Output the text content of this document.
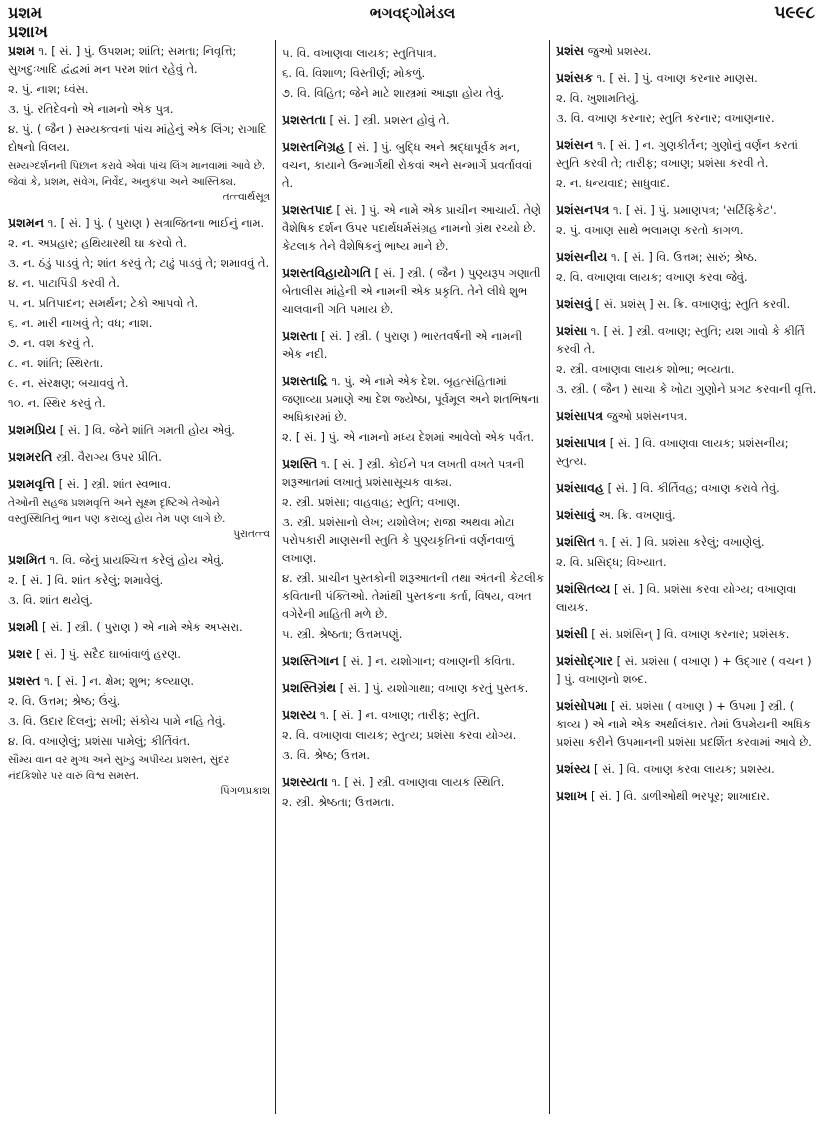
પ્રશમ
પ્રશાખ
ભગવદ્ગોમંડલ	૫૯૯૮

પ્રશમ ૧. [ સં. ] પું. ઉપશમ; શાંતિ; સમતા; નિવૃત્તિ; સુખદુઃખાદિ દ્વંદ્વમાં મન પરમ શાંત રહેવું તે.

૨. પું. નાશ; ધ્વંસ.

૩. પું. રતિદેવનો એ નામનો એક પુત્ર.

૪. પું. ( જૈન ) સમ્યક્ત્વનાં પાંચ માંહેનું એક લિંગ; રાગાદિ દોષનો વિલય.

સમ્યગ્દર્શનની પિછાન કરાવે એવાં પાંચ લિંગ માનવામાં આવે છે. જેવાં કે, પ્રશમ, સંવેગ, નિર્વેદ, અનુકંપા અને આસ્તિક્ય.

તત્ત્વાર્થસૂત્ર

પ્રશમન ૧. [ સં. ] પું. ( પુરાણ ) સત્રાજિતના ભાઈનું નામ.

૨. ન. અપ્રહાર; હથિયારથી ઘા કરવો તે.

૩. ન. ઠંડું પાડવું તે; શાંત કરવું તે; ટાઢું પાડવું તે; શમાવવું તે.

૪. ન. પાટાપિંડી કરવી તે.

૫. ન. પ્રતિપાદન; સમર્થન; ટેકો આપવો તે.

૬. ન. મારી નાખવું તે; વધ; નાશ.

૭. ન. વશ કરવું તે.

૮. ન. શાંતિ; સ્થિરતા.

૯. ન. સંરક્ષણ; બચાવવું તે.

૧૦. ન. સ્થિર કરવું તે.

પ્રશમપ્રિય [ સં. ] વિ. જેને શાંતિ ગમતી હોય એવું.

પ્રશમરતિ સ્ત્રી. વૈરાગ્ય ઉપર પ્રીતિ.

પ્રશમવૃત્તિ [ સં. ] સ્ત્રી. શાંત સ્વભાવ.

તેઓની સહજ પ્રશમવૃત્તિ અને સૂક્ષ્મ દૃષ્ટિએ તેઓને વસ્તુસ્થિતિનું ભાન પણ કરાવ્યું હોય તેમ પણ લાગે છે.

પુરાતત્ત્વ

પ્રશમિત ૧. વિ. જેનું પ્રાયશ્ચિત્ત કરેલું હોય એવું.

૨. [ સં. ] વિ. શાંત કરેલું; શમાવેલું.

૩. વિ. શાંત થયેલું.

પ્રશમી [ સં. ] સ્ત્રી. ( પુરાણ ) એ નામે એક અપ્સરા.

પ્રશર [ સં. ] પું. સદૈદ ઘાબાંવાળું હરણ.

પ્રશસ્ત ૧. [ સં. ] ન. ક્ષેમ; શુભ; કલ્યાણ.

૨. વિ. ઉત્તમ; શ્રેષ્ઠ; ઉંચું.

૩. વિ. ઉદાર દિલનું; સખી; સંકોચ પામે નહિ તેવું.

૪. વિ. વખાણેલું; પ્રશંસા પામેલું; કીર્તિવંત.

સૌમ્ય વાન વર મુગ્ધ અને સુખ્ડુ અપીચ્ય પ્રશસ્ત, સુંદર નંદકિશોર પર વારું વિશ્વ સમસ્ત.

પિંગળપ્રકાશ

૫. વિ. વખાણવા લાયક; સ્તુતિપાત્ર.

૬. વિ. વિશાળ; વિસ્તીર્ણ; મોકળું.

૭. વિ. વિહિત; જેને માટે શાસ્ત્રમાં આજ્ઞા હોય તેવું.

પ્રશસ્તતા [ સં. ] સ્ત્રી. પ્રશસ્ત હોવું તે.

પ્રશસ્તનિગ્રહ [ સં. ] પું. બુદ્ધિ અને શ્રદ્ધાપૂર્વક મન, વચન, કાયાને ઉન્માર્ગથી રોકવાં અને સન્માર્ગે પ્રવર્તાવવાં તે.

પ્રશસ્તપાદ [ સં. ] પું. એ નામે એક પ્રાચીન આચાર્ય. તેણે વૈશેષિક દર્શન ઉપર પદાર્થધર્મસંગ્રહ નામનો ગ્રંથ રચ્યો છે. કેટલાક તેને વૈશેષિકનું ભાષ્ય માને છે.

પ્રશસ્તવિહાયોગતિ [ સં. ] સ્ત્રી. ( જૈન ) પુણ્યરૂપ ગણાતી બેતાલીસ માંહેની એ નામની એક પ્રકૃતિ. તેને લીધે શુભ ચાલવાની ગતિ પમાય છે.

પ્રશસ્તા [ સં. ] સ્ત્રી. ( પુરાણ ) ભારતવર્ષની એ નામની એક નદી.

પ્રશસ્તાદ્રિ ૧. પું. એ નામે એક દેશ. બૃહત્સંહિતામાં જણાવ્યા પ્રમાણે આ દેશ જ્યેષ્ઠા, પૂર્વમૂલ અને શતભિષના અધિકારમાં છે.

૨. [ સં. ] પું. એ નામનો મધ્ય દેશમાં આવેલો એક પર્વત.

પ્રશસ્તિ ૧. [ સં. ] સ્ત્રી. કોઈને પત્ર લખતી વખતે પત્રની શરૂઆતમાં લખાતું પ્રશંસાસૂચક વાક્ય.

૨. સ્ત્રી. પ્રશંસા; વાહવાહ; સ્તુતિ; વખાણ.

૩. સ્ત્રી. પ્રશંસાનો લેખ; યશોલેખ; રાજા અથવા મોટા પરોપકારી માણસની સ્તુતિ કે પુણ્યકૃતિનાં વર્ણનવાળું લખાણ.

૪. સ્ત્રી. પ્રાચીન પુસ્તકોની શરૂઆતની તથા અંતની કેટલીક કવિતાની પંક્તિઓ. તેમાંથી પુસ્તકના કર્તા, વિષય, વખત વગેરેની માહિતી મળે છે.

૫. સ્ત્રી. શ્રેષ્ઠતા; ઉત્તમપણું.

પ્રશસ્તિગાન [ સં. ] ન. યશોગાન; વખાણની કવિતા.

પ્રશસ્તિગ્રંથ [ સં. ] પું. યશોગાથા; વખાણ કરતું પુસ્તક.

પ્રશસ્ય ૧. [ સં. ] ન. વખાણ; તારીફ; સ્તુતિ.

૨. વિ. વખાણવા લાયક; સ્તુત્ય; પ્રશંસા કરવા યોગ્ય.

૩. વિ. શ્રેષ્ઠ; ઉત્તમ.

પ્રશસ્યતા ૧. [ સં. ] સ્ત્રી. વખાણવા લાયક સ્થિતિ.

૨. સ્ત્રી. શ્રેષ્ઠતા; ઉત્તમતા.

પ્રશંસ જુઓ પ્રશસ્ય.

પ્રશંસક ૧. [ સં. ] પું. વખાણ કરનાર માણસ.

૨. વિ. ખુશામતિયું.

૩. વિ. વખાણ કરનાર; સ્તુતિ કરનાર; વખાણનાર.

પ્રશંસન ૧. [ સં. ] ન. ગુણકીર્તન; ગુણોનું વર્ણન કરતાં સ્તુતિ કરવી તે; તારીફ; વખાણ; પ્રશંસા કરવી તે.

૨. ન. ધન્યવાદ; સાધુવાદ.

પ્રશંસનપત્ર ૧. [ સં. ] પું. પ્રમાણપત્ર; 'સર્ટિફિકેટ'.

૨. પું. વખાણ સાથે ભલામણ કરતો કાગળ.

પ્રશંસનીય ૧. [ સં. ] વિ. ઉત્તમ; સારું; શ્રેષ્ઠ.

૨. વિ. વખાણવા લાયક; વખાણ કરવા જેવું.

પ્રશંસવું [ સં. પ્રશંસ્ ] સ. ક્રિ. વખાણવું; સ્તુતિ કરવી.

પ્રશંસા ૧. [ સં. ] સ્ત્રી. વખાણ; સ્તુતિ; યશ ગાવો કે કીર્તિ કરવી તે.

૨. સ્ત્રી. વખાણવા લાયક શોભા; ભવ્યતા.

૩. સ્ત્રી. ( જૈન ) સાચા કે ખોટા ગુણોને પ્રગટ કરવાની વૃત્તિ.

પ્રશંસાપત્ર જુઓ પ્રશંસનપત્ર.

પ્રશંસાપાત્ર [ સં. ] વિ. વખાણવા લાયક; પ્રશંસનીય; સ્તુત્ય.

પ્રશંસાવહ [ સં. ] વિ. કીર્તિવહ; વખાણ કરાવે તેવું.

પ્રશંસાવું અ. ક્રિ. વખણાવું.

પ્રશંસિત ૧. [ સં. ] વિ. પ્રશંસા કરેલું; વખાણેલું.

૨. વિ. પ્રસિદ્ધ; વિખ્યાત.

પ્રશંસિતવ્ય [ સં. ] વિ. પ્રશંસા કરવા યોગ્ય; વખાણવા લાયક.

પ્રશંસી [ સં. પ્રશંસિન્ ] વિ. વખાણ કરનાર; પ્રશંસક.

પ્રશંસોદ્ગાર [ સં. પ્રશંસા ( વખાણ ) + ઉદ્ગાર ( વચન ) ] પું. વખાણનો શબ્દ.

પ્રશંસોપમા [ સં. પ્રશંસા ( વખાણ ) + ઉપમા ] સ્ત્રી. ( કાવ્ય ) એ નામે એક અર્થાલંકાર. તેમાં ઉપમેયની અધિક પ્રશંસા કરીને ઉપમાનની પ્રશંસા પ્રદર્શિત કરવામાં આવે છે.

પ્રશંસ્ય [ સં. ] વિ. વખાણ કરવા લાયક; પ્રશસ્ય.

પ્રશાખ [ સં. ] વિ. ડાળીઓથી ભરપૂર; શાખાદાર.
